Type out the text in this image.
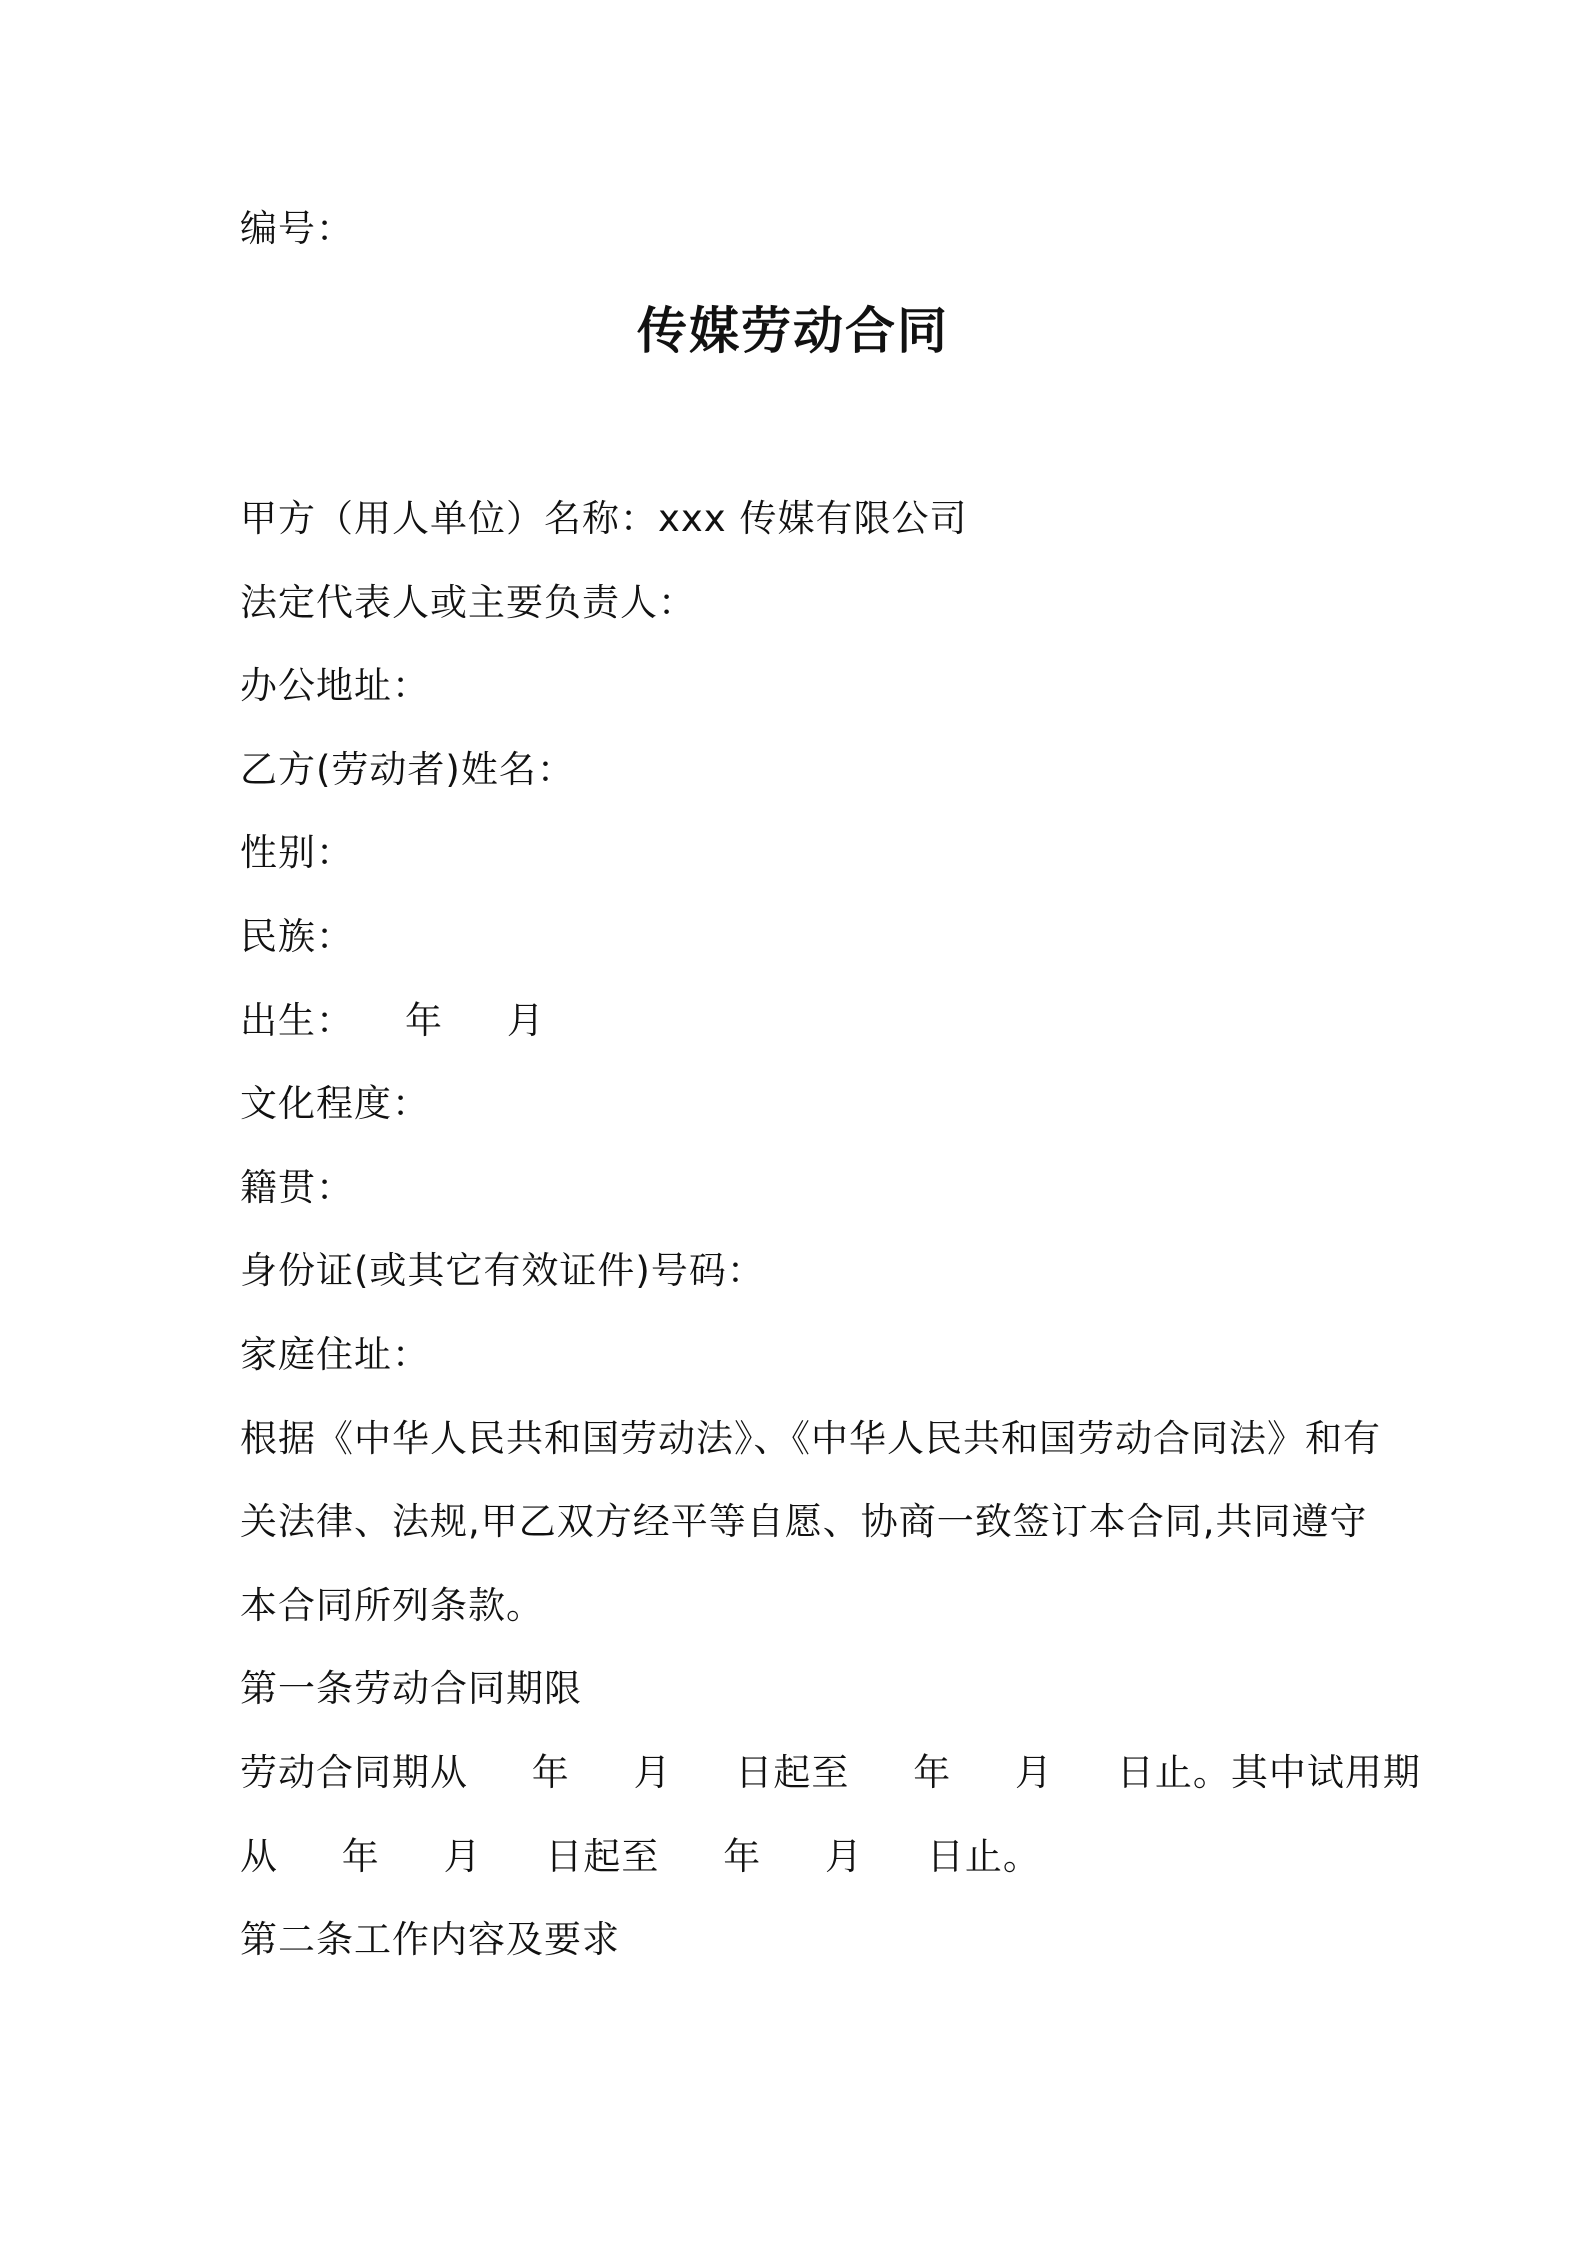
编号：
传媒劳动合同
甲方（用人单位）名称：xxx 传媒有限公司
法定代表人或主要负责人：
办公地址：
乙方(劳动者)姓名：
性别：
民族：
出生：    年     月
文化程度：
籍贯：
身份证(或其它有效证件)号码：
家庭住址：
根据《中华人民共和国劳动法》、《中华人民共和国劳动合同法》和有
关法律、法规,甲乙双方经平等自愿、协商一致签订本合同,共同遵守
本合同所列条款。
第一条劳动合同期限
劳动合同期从     年     月     日起至     年     月     日止。其中试用期
从     年     月     日起至     年     月     日止。
第二条工作内容及要求
